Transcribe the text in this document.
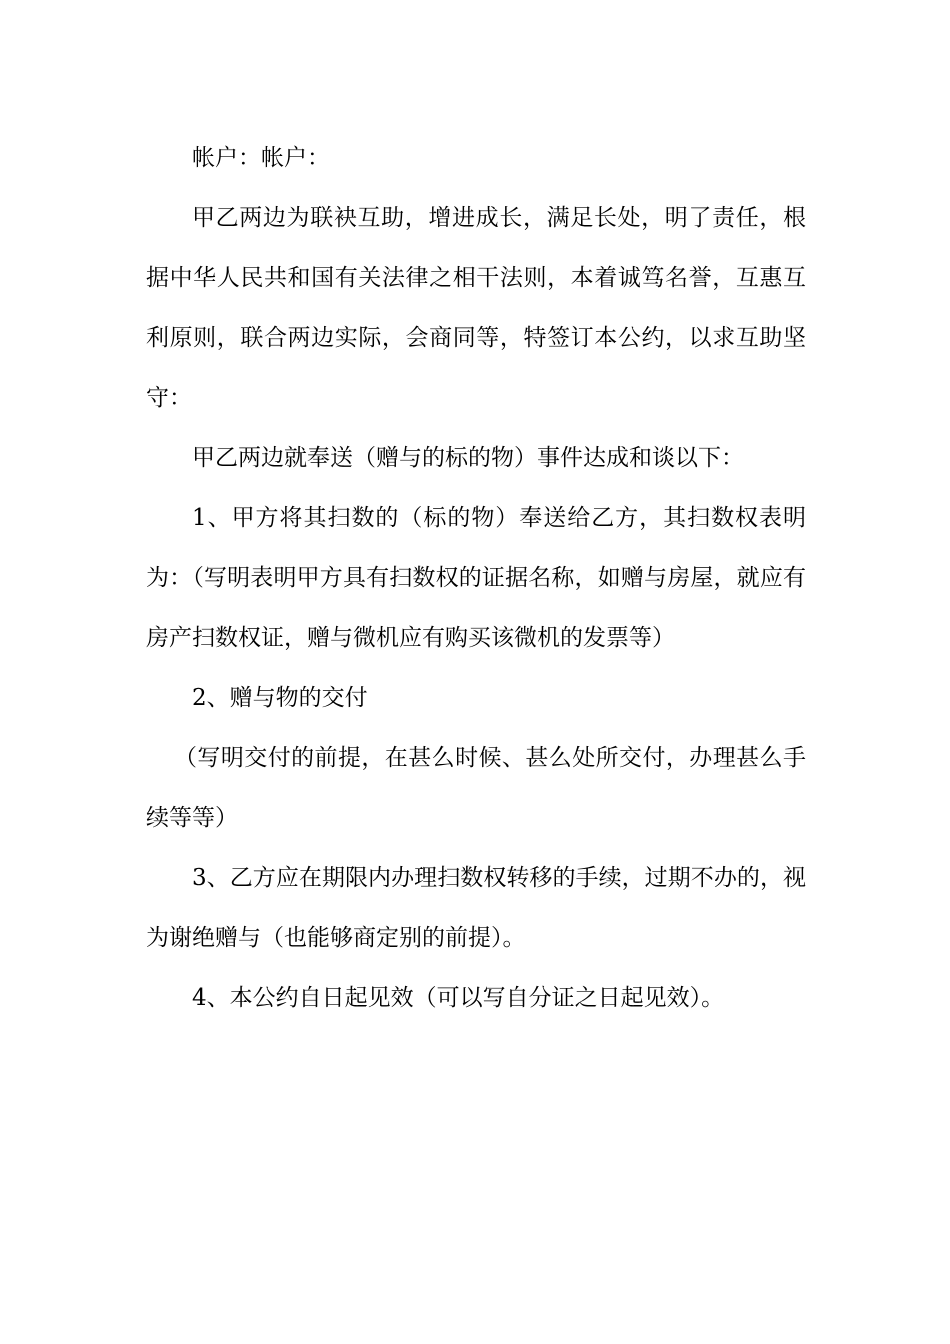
帐户：帐户：

甲乙两边为联袂互助，增进成长，满足长处，明了责任，根据中华人民共和国有关法律之相干法则，本着诚笃名誉，互惠互利原则，联合两边实际，会商同等，特签订本公约，以求互助坚守：

甲乙两边就奉送（赠与的标的物）事件达成和谈以下：

1、甲方将其扫数的（标的物）奉送给乙方，其扫数权表明为：（写明表明甲方具有扫数权的证据名称，如赠与房屋，就应有房产扫数权证，赠与微机应有购买该微机的发票等）

2、赠与物的交付

（写明交付的前提，在甚么时候、甚么处所交付，办理甚么手续等等）

3、乙方应在期限内办理扫数权转移的手续，过期不办的，视为谢绝赠与（也能够商定别的前提）。

4、本公约自日起见效（可以写自分证之日起见效）。
